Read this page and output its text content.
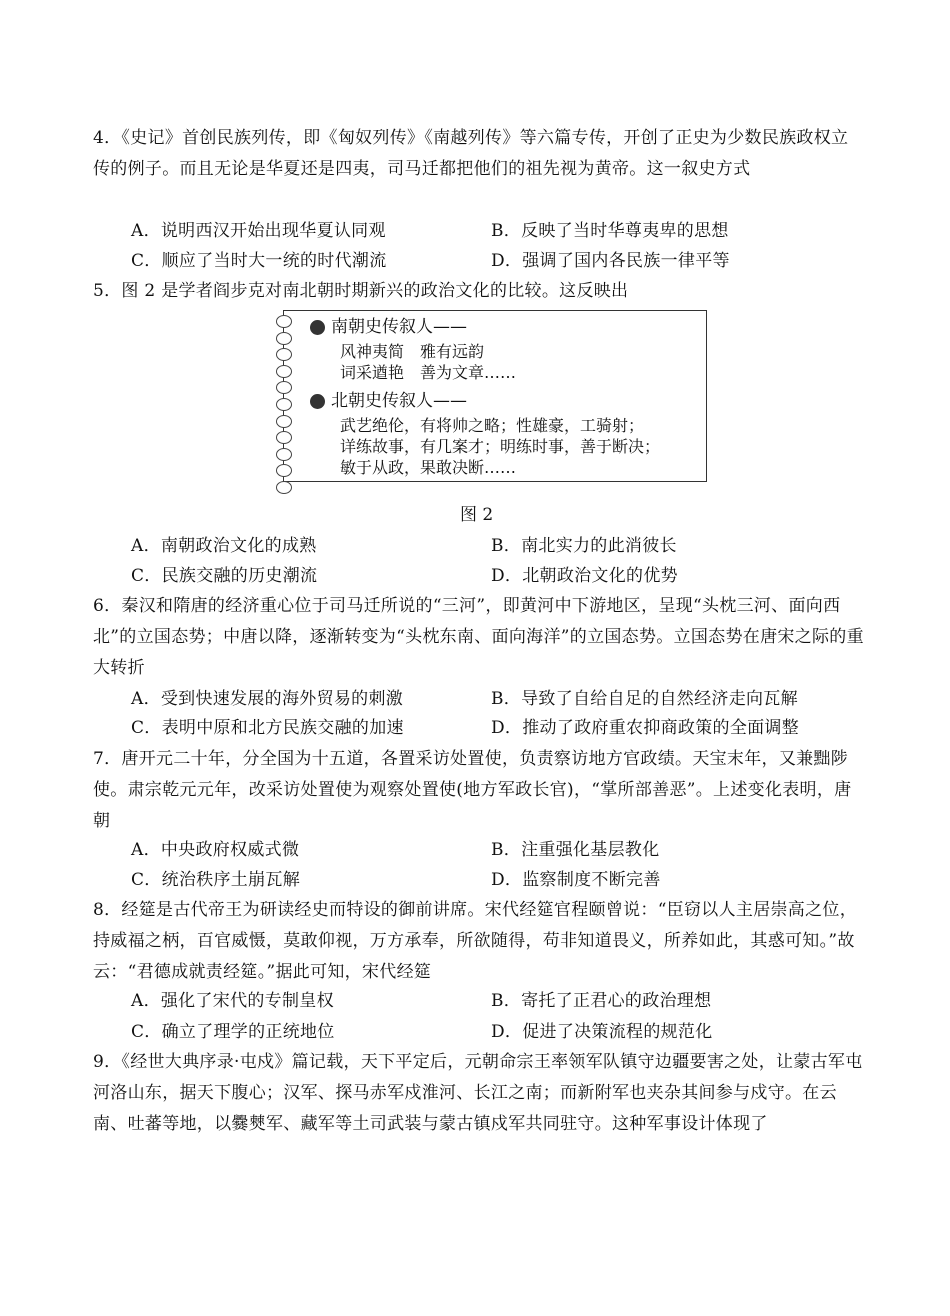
4．《史记》首创民族列传，即《匈奴列传》《南越列传》等六篇专传，开创了正史为少数民族政权立传的例子。而且无论是华夏还是四夷，司马迁都把他们的祖先视为黄帝。这一叙史方式
A．说明西汉开始出现华夏认同观	B．反映了当时华尊夷卑的思想
C．顺应了当时大一统的时代潮流	D．强调了国内各民族一律平等
5．图 2 是学者阎步克对南北朝时期新兴的政治文化的比较。这反映出
南朝史传叙人——
风神夷简　雅有远韵
词采遒艳　善为文章……
北朝史传叙人——
武艺绝伦，有将帅之略；性雄豪，工骑射；
详练故事，有几案才；明练时事，善于断决；
敏于从政，果敢决断……
图 2
A．南朝政治文化的成熟	B．南北实力的此消彼长
C．民族交融的历史潮流	D．北朝政治文化的优势
6．秦汉和隋唐的经济重心位于司马迁所说的“三河”，即黄河中下游地区，呈现“头枕三河、面向西北”的立国态势；中唐以降，逐渐转变为“头枕东南、面向海洋”的立国态势。立国态势在唐宋之际的重大转折
A．受到快速发展的海外贸易的刺激	B．导致了自给自足的自然经济走向瓦解
C．表明中原和北方民族交融的加速	D．推动了政府重农抑商政策的全面调整
7．唐开元二十年，分全国为十五道，各置采访处置使，负责察访地方官政绩。天宝末年，又兼黜陟使。肃宗乾元元年，改采访处置使为观察处置使(地方军政长官)，“掌所部善恶”。上述变化表明，唐朝
A．中央政府权威式微	B．注重强化基层教化
C．统治秩序土崩瓦解	D．监察制度不断完善
8．经筵是古代帝王为研读经史而特设的御前讲席。宋代经筵官程颐曾说：“臣窃以人主居崇高之位，持威福之柄，百官威慑，莫敢仰视，万方承奉，所欲随得，苟非知道畏义，所养如此，其惑可知。”故云：“君德成就责经筵。”据此可知，宋代经筵
A．强化了宋代的专制皇权	B．寄托了正君心的政治理想
C．确立了理学的正统地位	D．促进了决策流程的规范化
9．《经世大典序录·屯戍》篇记载，天下平定后，元朝命宗王率领军队镇守边疆要害之处，让蒙古军屯河洛山东，据天下腹心；汉军、探马赤军戍淮河、长江之南；而新附军也夹杂其间参与戍守。在云南、吐蕃等地，以爨僰军、藏军等土司武装与蒙古镇戍军共同驻守。这种军事设计体现了
